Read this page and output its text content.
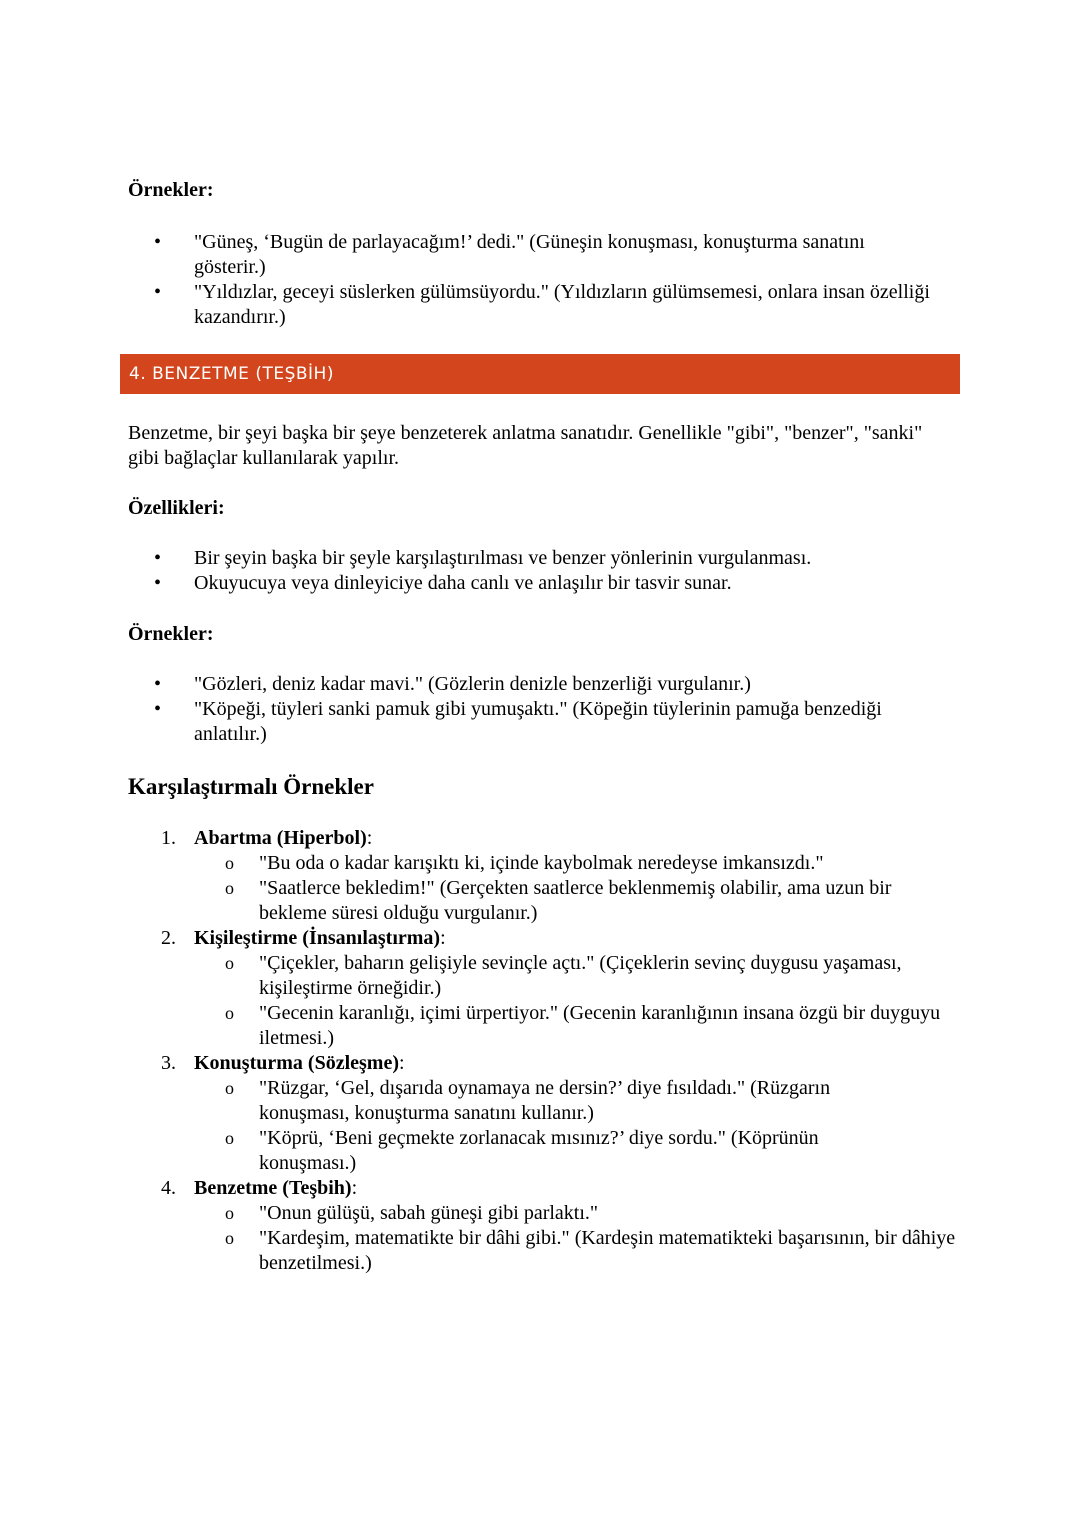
Örnekler:
• "Güneş, ‘Bugün de parlayacağım!’ dedi." (Güneşin konuşması, konuşturma sanatını gösterir.)
• "Yıldızlar, geceyi süslerken gülümsüyordu." (Yıldızların gülümsemesi, onlara insan özelliği kazandırır.)
4. BENZETME (TEŞBİH)
Benzetme, bir şeyi başka bir şeye benzeterek anlatma sanatıdır. Genellikle "gibi", "benzer", "sanki" gibi bağlaçlar kullanılarak yapılır.
Özellikleri:
• Bir şeyin başka bir şeyle karşılaştırılması ve benzer yönlerinin vurgulanması.
• Okuyucuya veya dinleyiciye daha canlı ve anlaşılır bir tasvir sunar.
Örnekler:
• "Gözleri, deniz kadar mavi." (Gözlerin denizle benzerliği vurgulanır.)
• "Köpeği, tüyleri sanki pamuk gibi yumuşaktı." (Köpeğin tüylerinin pamuğa benzediği anlatılır.)
Karşılaştırmalı Örnekler
1. Abartma (Hiperbol):
o "Bu oda o kadar karışıktı ki, içinde kaybolmak neredeyse imkansızdı."
o "Saatlerce bekledim!" (Gerçekten saatlerce beklenmemiş olabilir, ama uzun bir bekleme süresi olduğu vurgulanır.)
2. Kişileştirme (İnsanılaştırma):
o "Çiçekler, baharın gelişiyle sevinçle açtı." (Çiçeklerin sevinç duygusu yaşaması, kişileştirme örneğidir.)
o "Gecenin karanlığı, içimi ürpertiyor." (Gecenin karanlığının insana özgü bir duyguyu iletmesi.)
3. Konuşturma (Sözleşme):
o "Rüzgar, ‘Gel, dışarıda oynamaya ne dersin?’ diye fısıldadı." (Rüzgarın konuşması, konuşturma sanatını kullanır.)
o "Köprü, ‘Beni geçmekte zorlanacak mısınız?’ diye sordu." (Köprünün konuşması.)
4. Benzetme (Teşbih):
o "Onun gülüşü, sabah güneşi gibi parlaktı."
o "Kardeşim, matematikte bir dâhi gibi." (Kardeşin matematikteki başarısının, bir dâhiye benzetilmesi.)
